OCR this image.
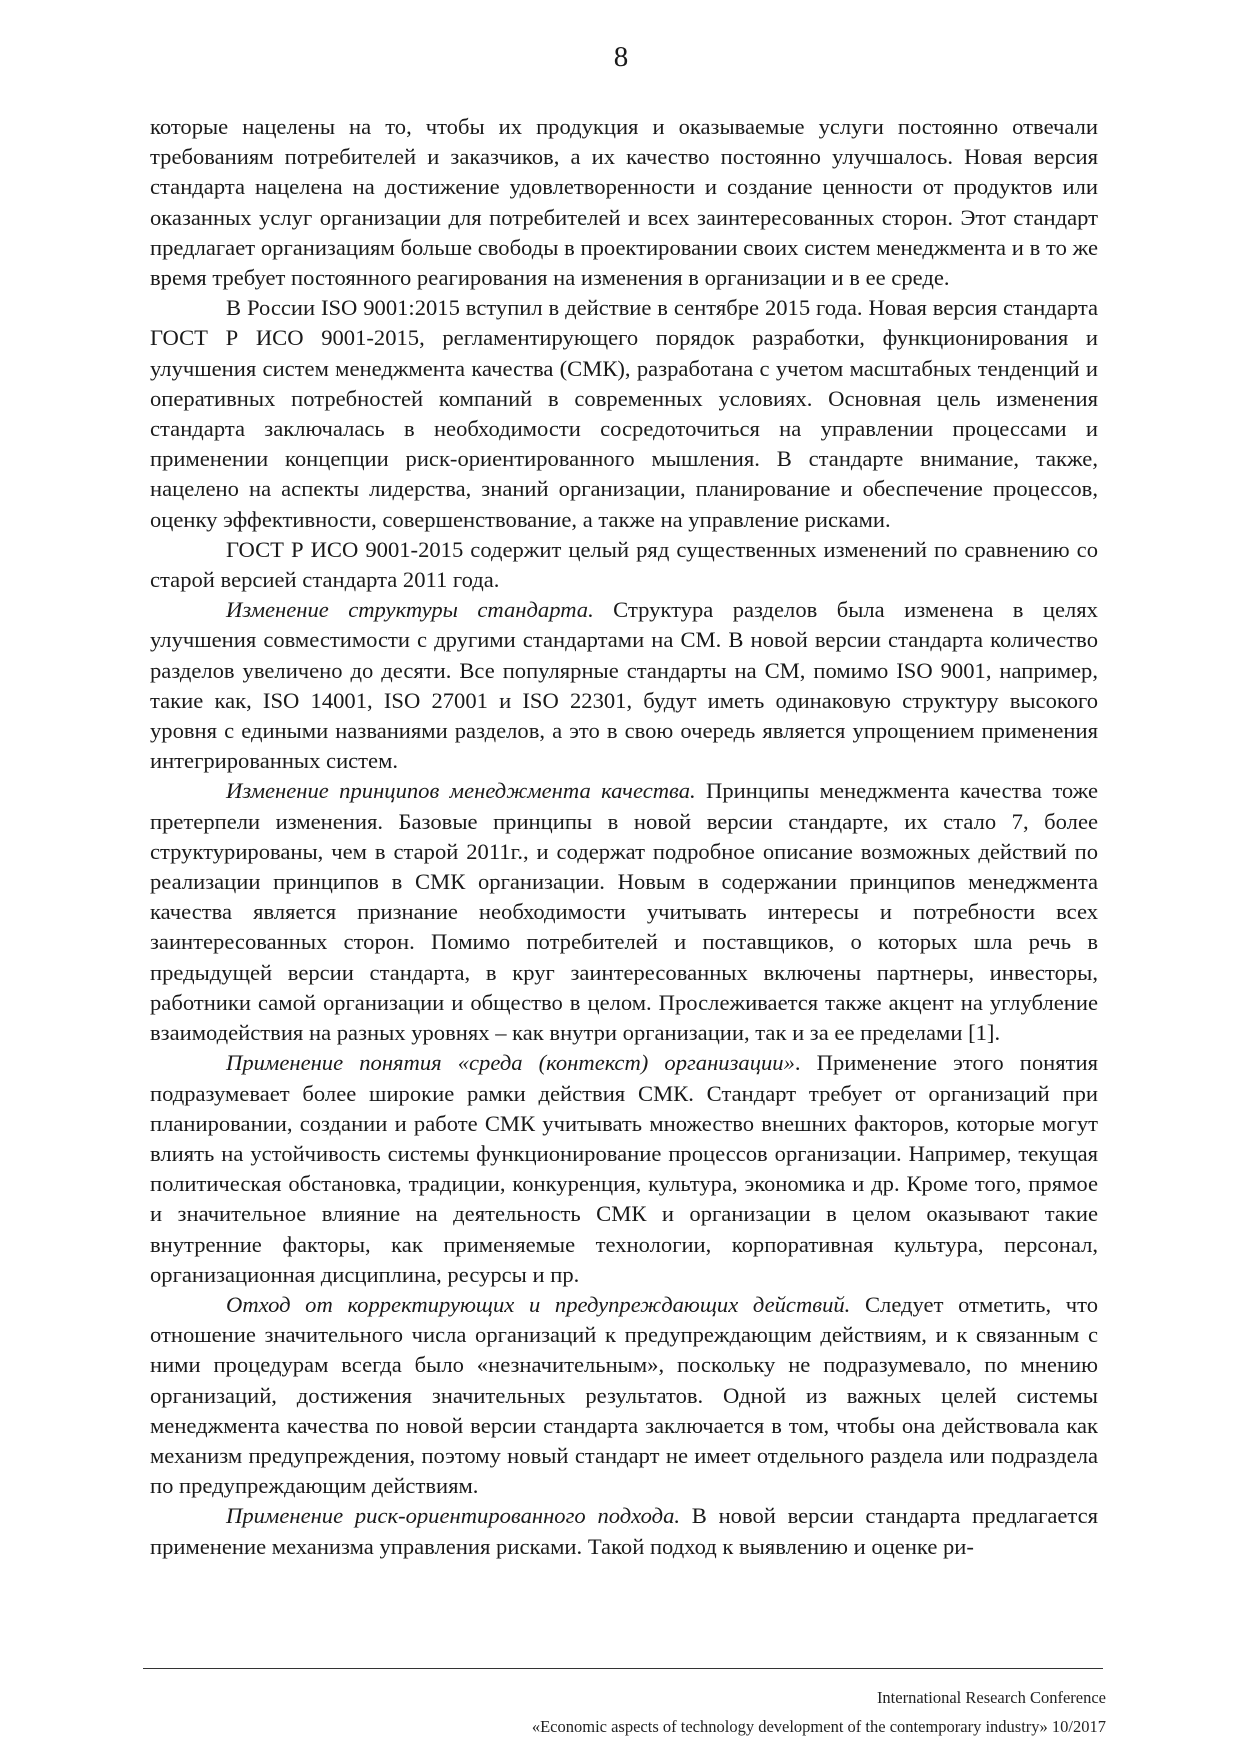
8

которые нацелены на то, чтобы их продукция и оказываемые услуги постоянно отвечали требованиям потребителей и заказчиков, а их качество постоянно улучшалось. Новая версия стандарта нацелена на достижение удовлетворенности и создание ценности от продуктов или оказанных услуг организации для потребителей и всех заинтересованных сторон. Этот стандарт предлагает организациям больше свободы в проектировании своих систем менеджмента и в то же время требует постоянного реагирования на изменения в организации и в ее среде.

В России ISO 9001:2015 вступил в действие в сентябре 2015 года. Новая версия стандарта ГОСТ Р ИСО 9001-2015, регламентирующего порядок разработки, функционирования и улучшения систем менеджмента качества (СМК), разработана с учетом масштабных тенденций и оперативных потребностей компаний в современных условиях. Основная цель изменения стандарта заключалась в необходимости сосредоточиться на управлении процессами и применении концепции риск-ориентированного мышления. В стандарте внимание, также, нацелено на аспекты лидерства, знаний организации, планирование и обеспечение процессов, оценку эффективности, совершенствование, а также на управление рисками.

ГОСТ Р ИСО 9001-2015 содержит целый ряд существенных изменений по сравнению со старой версией стандарта 2011 года.

Изменение структуры стандарта. Структура разделов была изменена в целях улучшения совместимости с другими стандартами на СМ. В новой версии стандарта количество разделов увеличено до десяти. Все популярные стандарты на СМ, помимо ISO 9001, например, такие как, ISO 14001, ISO 27001 и ISO 22301, будут иметь одинаковую структуру высокого уровня с едиными названиями разделов, а это в свою очередь является упрощением применения интегрированных систем.

Изменение принципов менеджмента качества. Принципы менеджмента качества тоже претерпели изменения. Базовые принципы в новой версии стандарте, их стало 7, более структурированы, чем в старой 2011г., и содержат подробное описание возможных действий по реализации принципов в СМК организации. Новым в содержании принципов менеджмента качества является признание необходимости учитывать интересы и потребности всех заинтересованных сторон. Помимо потребителей и поставщиков, о которых шла речь в предыдущей версии стандарта, в круг заинтересованных включены партнеры, инвесторы, работники самой организации и общество в целом. Прослеживается также акцент на углубление взаимодействия на разных уровнях – как внутри организации, так и за ее пределами [1].

Применение понятия «среда (контекст) организации». Применение этого понятия подразумевает более широкие рамки действия СМК. Стандарт требует от организаций при планировании, создании и работе СМК учитывать множество внешних факторов, которые могут влиять на устойчивость системы функционирование процессов организации. Например, текущая политическая обстановка, традиции, конкуренция, культура, экономика и др. Кроме того, прямое и значительное влияние на деятельность СМК и организации в целом оказывают такие внутренние факторы, как применяемые технологии, корпоративная культура, персонал, организационная дисциплина, ресурсы и пр.

Отход от корректирующих и предупреждающих действий. Следует отметить, что отношение значительного числа организаций к предупреждающим действиям, и к связанным с ними процедурам всегда было «незначительным», поскольку не подразумевало, по мнению организаций, достижения значительных результатов. Одной из важных целей системы менеджмента качества по новой версии стандарта заключается в том, чтобы она действовала как механизм предупреждения, поэтому новый стандарт не имеет отдельного раздела или подраздела по предупреждающим действиям.

Применение риск-ориентированного подхода. В новой версии стандарта предлагается применение механизма управления рисками. Такой подход к выявлению и оценке ри-

International Research Conference
«Economic aspects of technology development of the contemporary industry» 10/2017
